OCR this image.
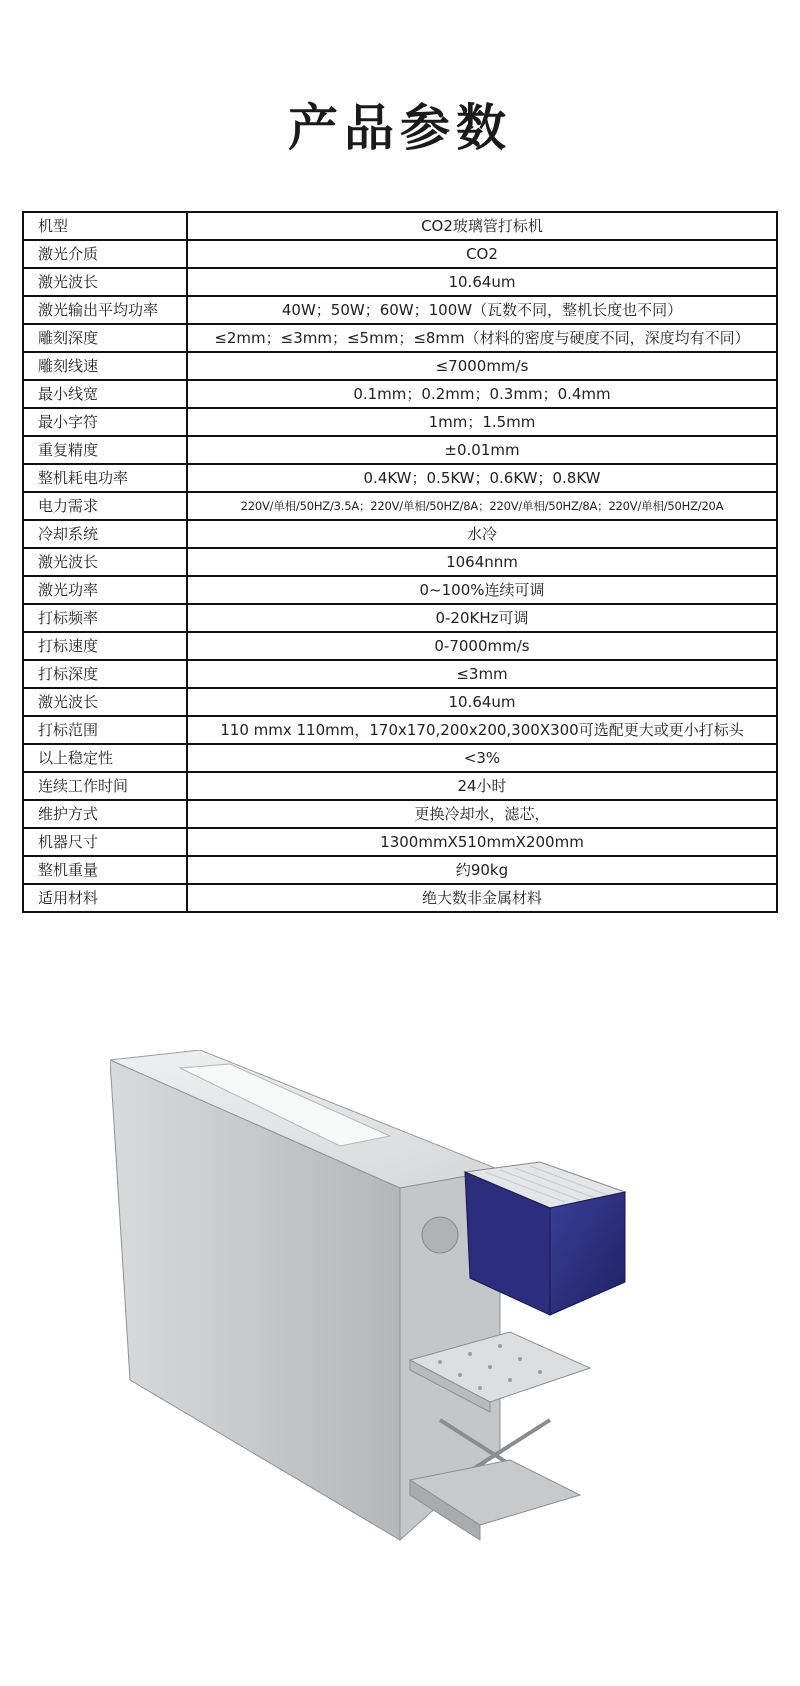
产品参数
机型	CO2玻璃管打标机
激光介质	CO2
激光波长	10.64um
激光输出平均功率	40W；50W；60W；100W（瓦数不同，整机长度也不同）
雕刻深度	≤2mm；≤3mm；≤5mm；≤8mm（材料的密度与硬度不同，深度均有不同）
雕刻线速	≤7000mm/s
最小线宽	0.1mm；0.2mm；0.3mm；0.4mm
最小字符	1mm；1.5mm
重复精度	±0.01mm
整机耗电功率	0.4KW；0.5KW；0.6KW；0.8KW
电力需求	220V/单相/50HZ/3.5A；220V/单相/50HZ/8A；220V/单相/50HZ/8A；220V/单相/50HZ/20A
冷却系统	水冷
激光波长	1064nnm
激光功率	0~100%连续可调
打标频率	0-20KHz可调
打标速度	0-7000mm/s
打标深度	≤3mm
激光波长	10.64um
打标范围	110 mmx 110mm，170x170,200x200,300X300可选配更大或更小打标头
以上稳定性	<3%
连续工作时间	24小时
维护方式	更换冷却水，滤芯，
机器尺寸	1300mmX510mmX200mm
整机重量	约90kg
适用材料	绝大数非金属材料
